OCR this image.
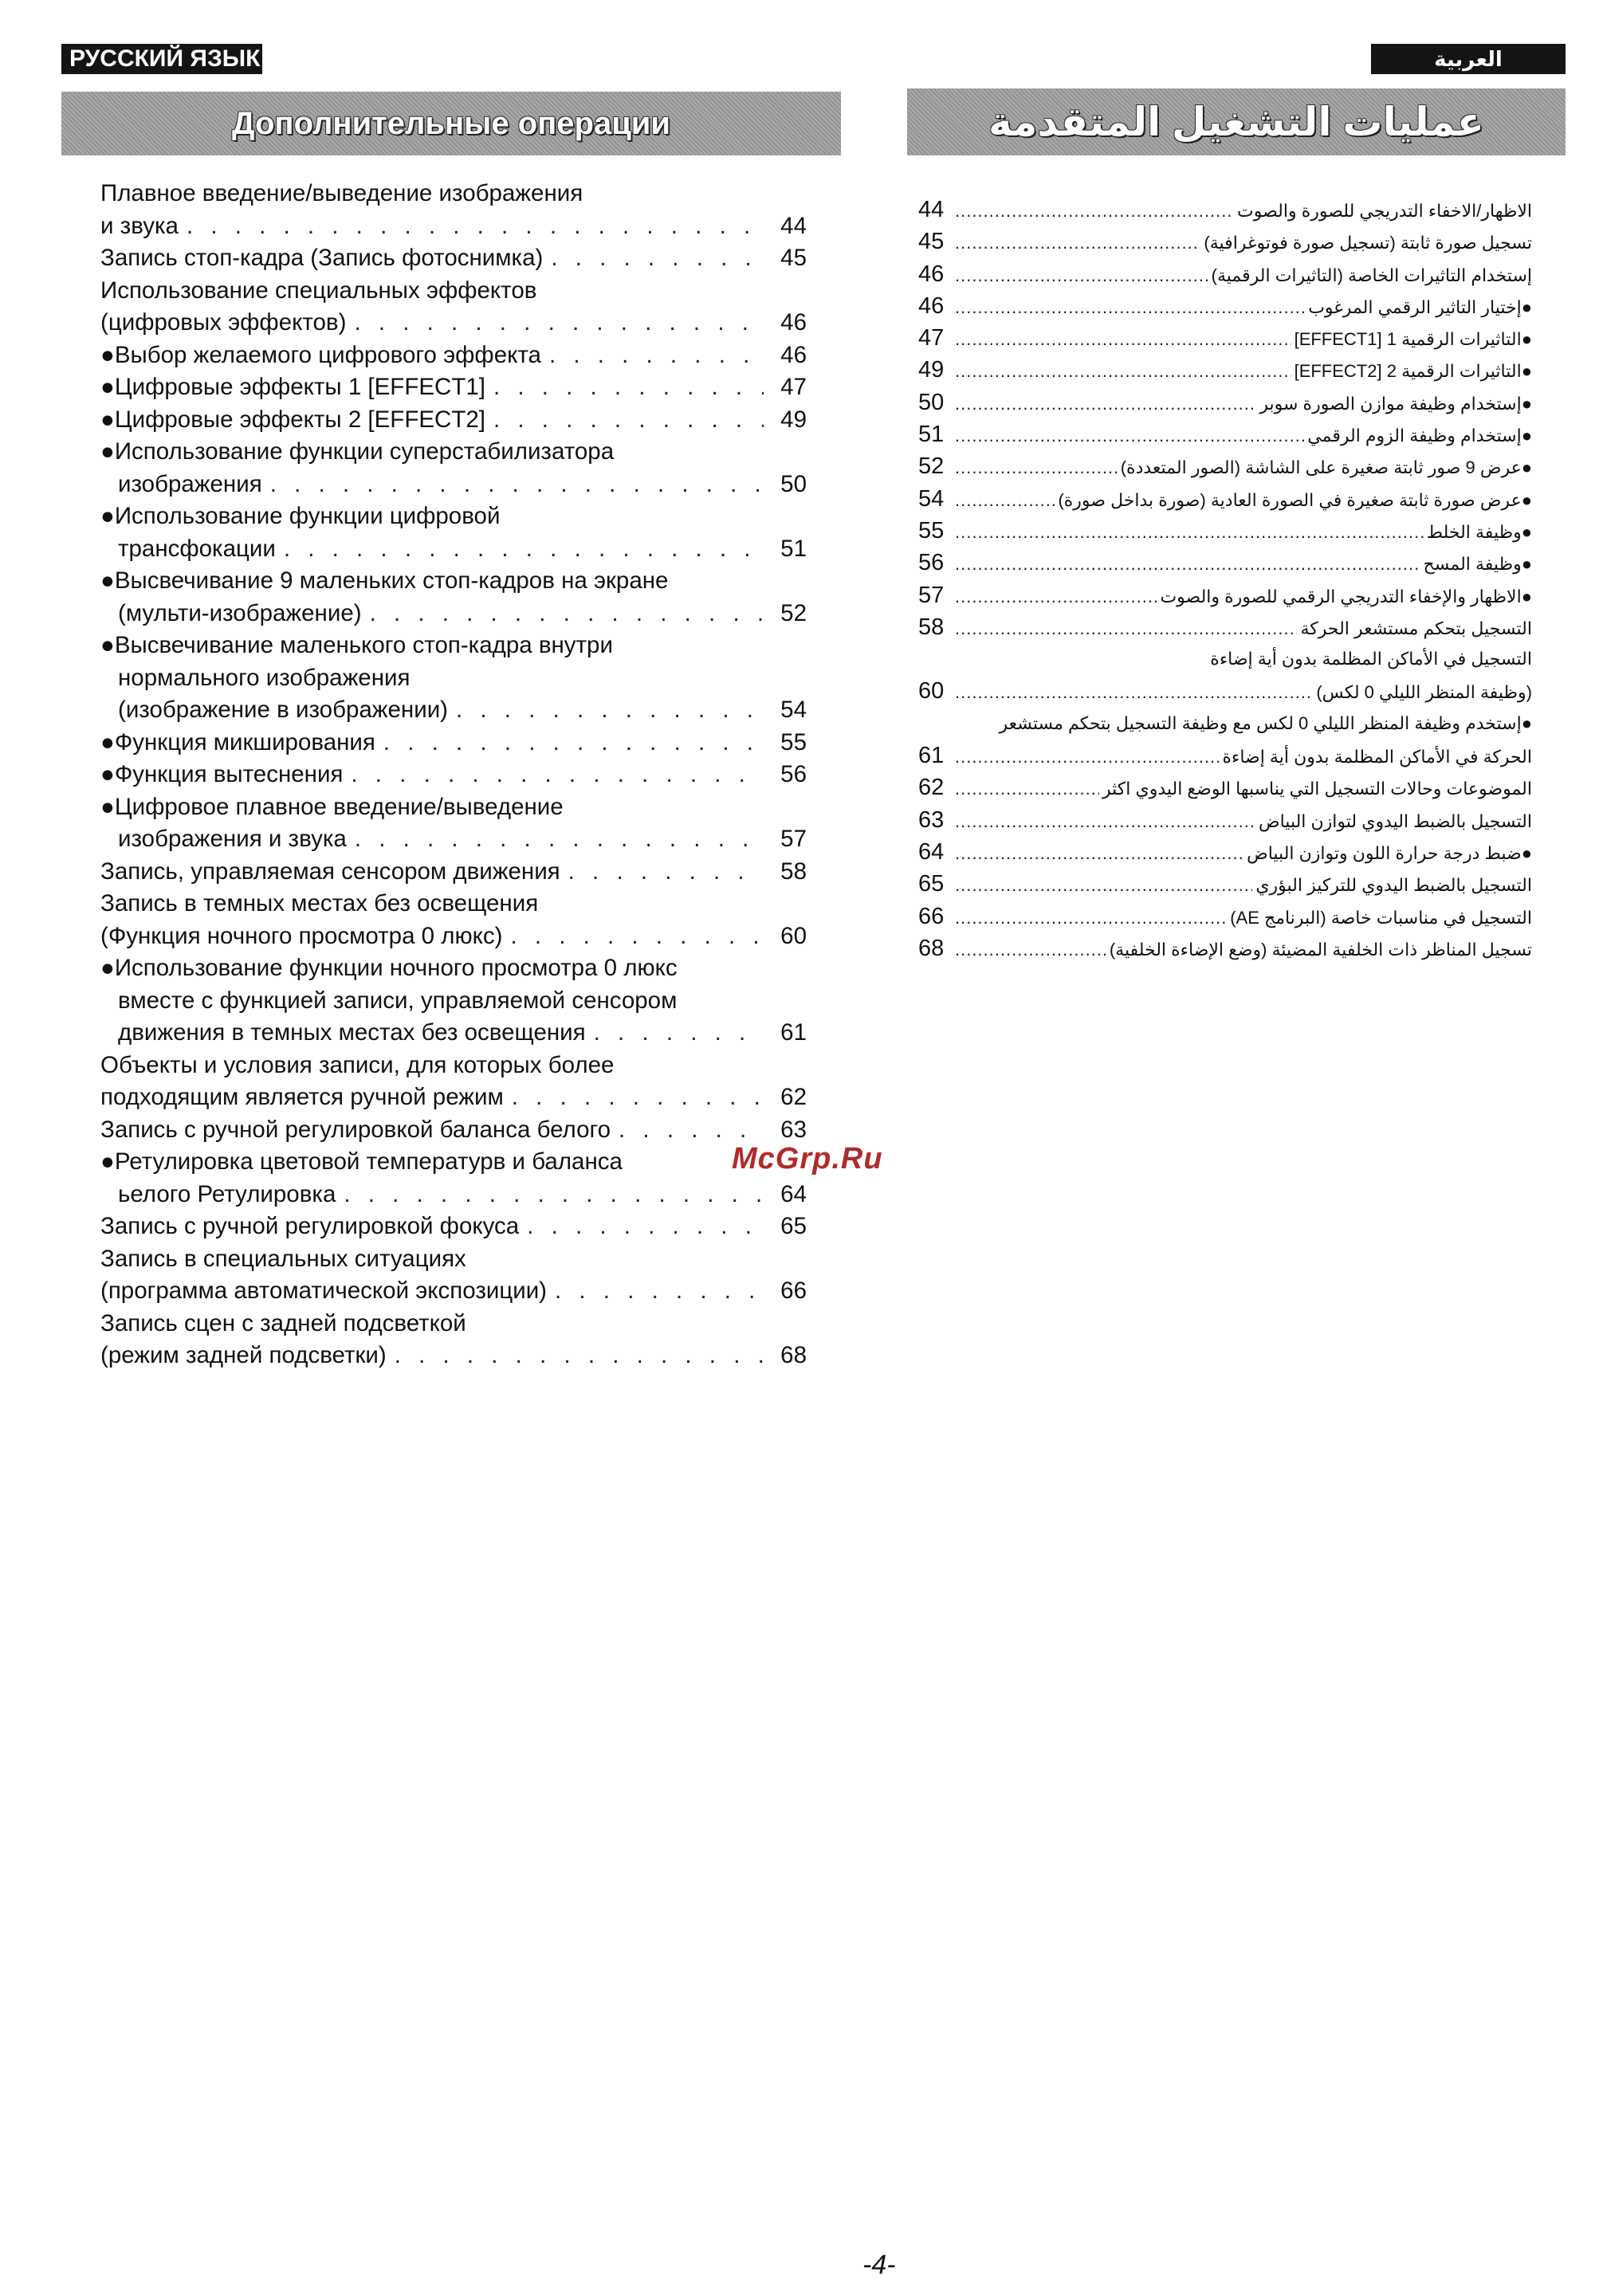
РУССКИЙ ЯЗЫК	العربية
Дополнительные операции	عمليات التشغيل المتقدمة
Плавное введение/выведение изображения
и звука . . .	44
Запись стоп-кадра (Запись фотоснимка) . . .	45
Использование специальных эффектов
(цифровых эффектов) . . .	46
●Выбор желаемого цифрового эффекта . . .	46
●Цифровые эффекты 1 [EFFECT1] . . .	47
●Цифровые эффекты 2 [EFFECT2] . . .	49
●Использование функции суперстабилизатора
изображения . . .	50
●Использование функции цифровой
трансфокации . . .	51
●Высвечивание 9 маленьких стоп-кадров на экране
(мульти-изображение) . . .	52
●Высвечивание маленького стоп-кадра внутри
нормального изображения
(изображение в изображении) . . .	54
●Функция микширования . . .	55
●Функция вытеснения . . .	56
●Цифровое плавное введение/выведение
изображения и звука . . .	57
Запись, управляемая сенсором движения . . .	58
Запись в темных местах без освещения
(Функция ночного просмотра 0 люкс) . . .	60
●Использование функции ночного просмотра 0 люкс
вместе с функцией записи, управляемой сенсором
движения в темных местах без освещения . . .	61
Объекты и условия записи, для которых более
подходящим является ручной режим . . .	62
Запись с ручной регулировкой баланса белого . . .	63
●Ретулировка цветовой температурв и баланса
ьелого Ретулировка . . .	64
Запись с ручной регулировкой фокуса . . .	65
Запись в специальных ситуациях
(программа автоматической экспозиции) . . .	66
Запись сцен с задней подсветкой
(режим задней подсветки) . . .	68
44 .....	الاظهار/الاخفاء التدريجي للصورة والصوت
45 .....	تسجيل صورة ثابتة (تسجيل صورة فوتوغرافية)
46 .....	إستخدام التاثيرات الخاصة (التاثيرات الرقمية)
46 .....	●إختيار التاثير الرقمي المرغوب
47 .....	●التاثيرات الرقمية 1 [EFFECT1]
49 .....	●التاثيرات الرقمية 2 [EFFECT2]
50 .....	●إستخدام وظيفة موازن الصورة سوبر
51 .....	●إستخدام وظيفة الزوم الرقمي
52 .....	●عرض 9 صور ثابتة صغيرة على الشاشة (الصور المتعددة)
54 .....	●عرض صورة ثابتة صغيرة في الصورة العادية (صورة بداخل صورة)
55 .....	●وظيفة الخلط
56 .....	●وظيفة المسح
57 .....	●الاظهار والإخفاء التدريجي الرقمي للصورة والصوت
58 .....	التسجيل بتحكم مستشعر الحركة
التسجيل في الأماكن المظلمة بدون أية إضاءة
60 .....	(وظيفة المنظر الليلي 0 لكس)
●إستخدم وظيفة المنظر الليلي 0 لكس مع وظيفة التسجيل بتحكم مستشعر
61 .....	الحركة في الأماكن المظلمة بدون أية إضاءة
62 .....	الموضوعات وحالات التسجيل التي يناسبها الوضع اليدوي اكثر
63 .....	التسجيل بالضبط اليدوي لتوازن البياض
64 .....	●ضبط درجة حرارة اللون وتوازن البياض
65 .....	التسجيل بالضبط اليدوي للتركيز البؤري
66 .....	التسجيل في مناسبات خاصة (البرنامج AE)
68 .....	تسجيل المناظر ذات الخلفية المضيئة (وضع الإضاءة الخلفية)
McGrp.Ru
-4-
